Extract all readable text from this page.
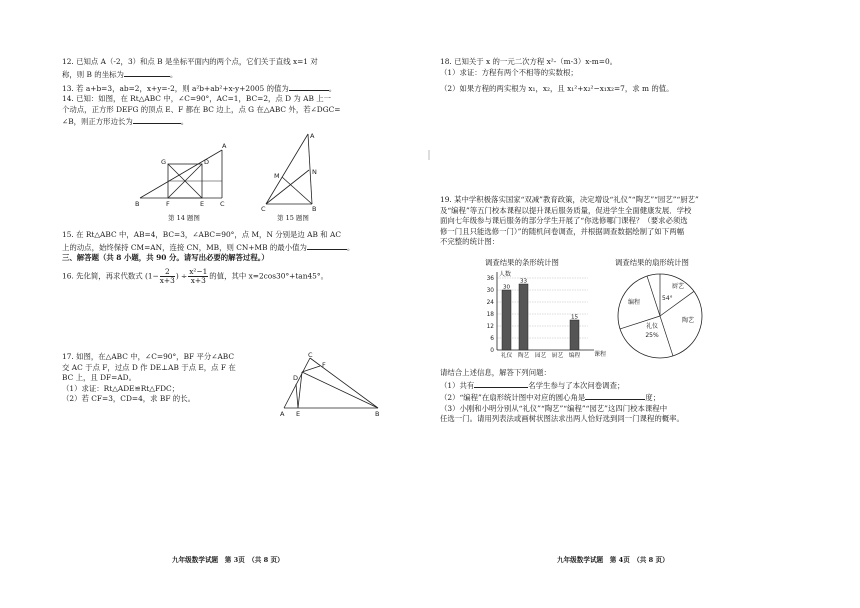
12. 已知点 A（-2，3）和点 B 是坐标平面内的两个点，它们关于直线 x=1 对

称，则 B 的坐标为	。

13. 若 a+b=3，ab=2，x+y=-2，则 a²b+ab²+x-y+2005 的值为	。

14. 已知：如图，在 Rt△ABC 中，∠C=90°，AC=1，BC=2，点 D 为 AB 上一

个动点，正方形 DEFG 的顶点 E、F 都在 BC 边上，点 G 在△ABC 外，若∠DGC=

∠B，则正方形边长为	。

A
G	D
B	F	E C
A
M	N
C	B
第 14 题图	第 15 题图

15. 在 Rt△ABC 中，AB=4，BC=3，∠ABC=90°，点 M，N 分别是边 AB 和 AC

上的动点，始终保持 CM=AN，连接 CN，MB，则 CN+MB 的最小值为	。

三、解答题（共 8 小题，共 90 分。请写出必要的解答过程。）
16. 先化简，再求代数式 ($1- \frac{2}{x+3}$ ) ÷ $\frac{\text{x²−1}}{x+3}$ 的值，其中 x=2cos30°+tan45°。

17. 如图，在△ABC 中，∠C=90°，BF 平分∠ABC

交 AC 于点 F，过点 D 作 DE⊥AB 于点 E，点 F 在

BC 上，且 DF=AD。

（1）求证：Rt△ADE≌Rt△FDC；

（2）若 CF=3，CD=4，求 BF 的长。

C
F
D
A E	B
九年级数学试题　第 3页　（共 8 页）

18. 已知关于 x 的一元二次方程 x²-（m-3）x-m=0。

（1）求证：方程有两个不相等的实数根；

（2）如果方程的两实根为 x₁，x₂，且 x₁²+x₂²−x₁x₂=7，求 m 的值。

19. 某中学积极落实国家“双减”教育政策，决定增设“礼仪”“陶艺”“园艺”“厨艺”

及“编程”等五门校本课程以提升课后服务质量，促进学生全面健康发展．学校

面向七年级参与课后服务的部分学生开展了“你选修哪门课程？（要求必须选

修一门且只能选修一门）”的随机问卷调查，并根据调查数据绘制了如下两幅

不完整的统计图：

调查结果的条形统计图
0
6
12
18
24
30
36
人数
课程
30
礼仪
33
陶艺 园艺 厨艺
15
编程
调查结果的扇形统计图
厨艺
54°
陶艺
礼仪
25%
编程

请结合上述信息，解答下列问题：

（1）共有	名学生参与了本次问卷调查；

（2）“编程”在扇形统计图中对应的圆心角是	度；

（3）小刚和小明分别从“礼仪”“陶艺”“编程”“园艺”这四门校本课程中

任选一门。请用列表法或画树状图法求出两人恰好选到同一门课程的概率。

九年级数学试题　第 4页　（共 8 页）
